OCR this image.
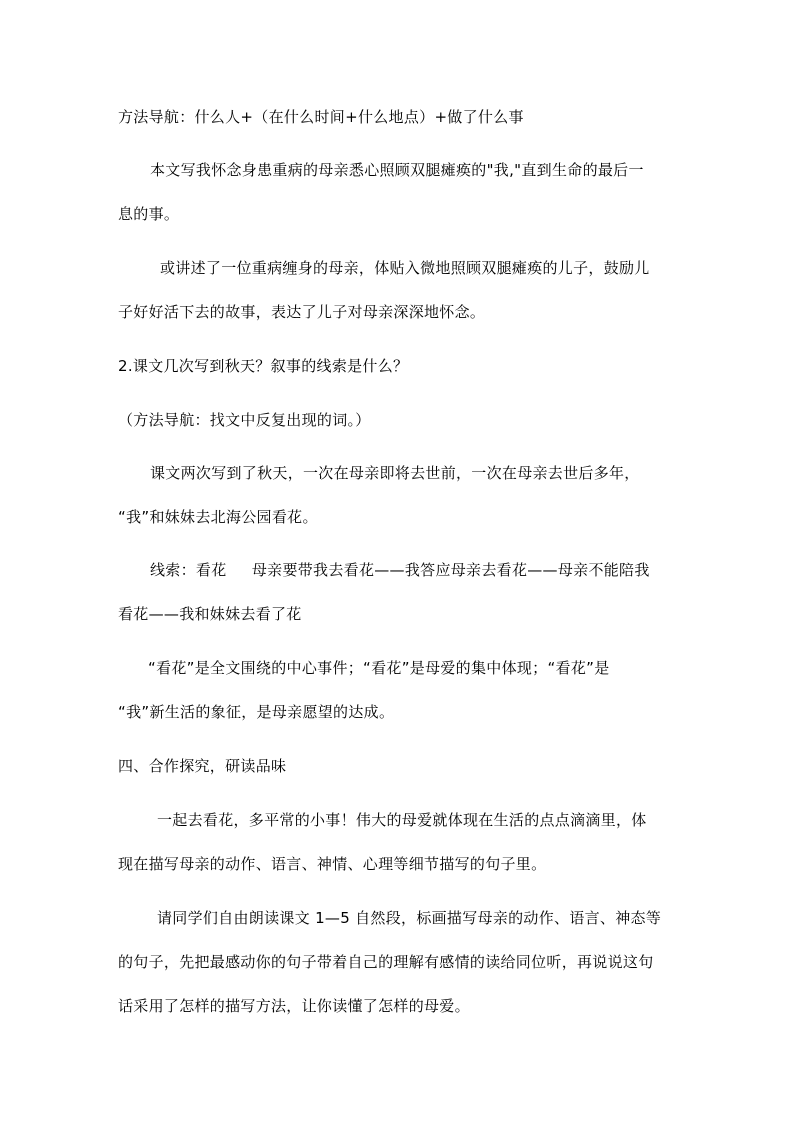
方法导航：什么人+（在什么时间+什么地点）+做了什么事
本文写我怀念身患重病的母亲悉心照顾双腿瘫痪的"我,"直到生命的最后一
息的事。
或讲述了一位重病缠身的母亲，体贴入微地照顾双腿瘫痪的儿子，鼓励儿
子好好活下去的故事，表达了儿子对母亲深深地怀念。
2.课文几次写到秋天？叙事的线索是什么？
（方法导航：找文中反复出现的词。）
课文两次写到了秋天，一次在母亲即将去世前，一次在母亲去世后多年，
“我”和妹妹去北海公园看花。
线索：看花     母亲要带我去看花——我答应母亲去看花——母亲不能陪我
看花——我和妹妹去看了花
“看花”是全文围绕的中心事件；“看花”是母爱的集中体现；“看花”是
“我”新生活的象征，是母亲愿望的达成。
四、合作探究，研读品味
一起去看花，多平常的小事！伟大的母爱就体现在生活的点点滴滴里，体
现在描写母亲的动作、语言、神情、心理等细节描写的句子里。
请同学们自由朗读课文 1—5 自然段，标画描写母亲的动作、语言、神态等
的句子，先把最感动你的句子带着自己的理解有感情的读给同位听，再说说这句
话采用了怎样的描写方法，让你读懂了怎样的母爱。
